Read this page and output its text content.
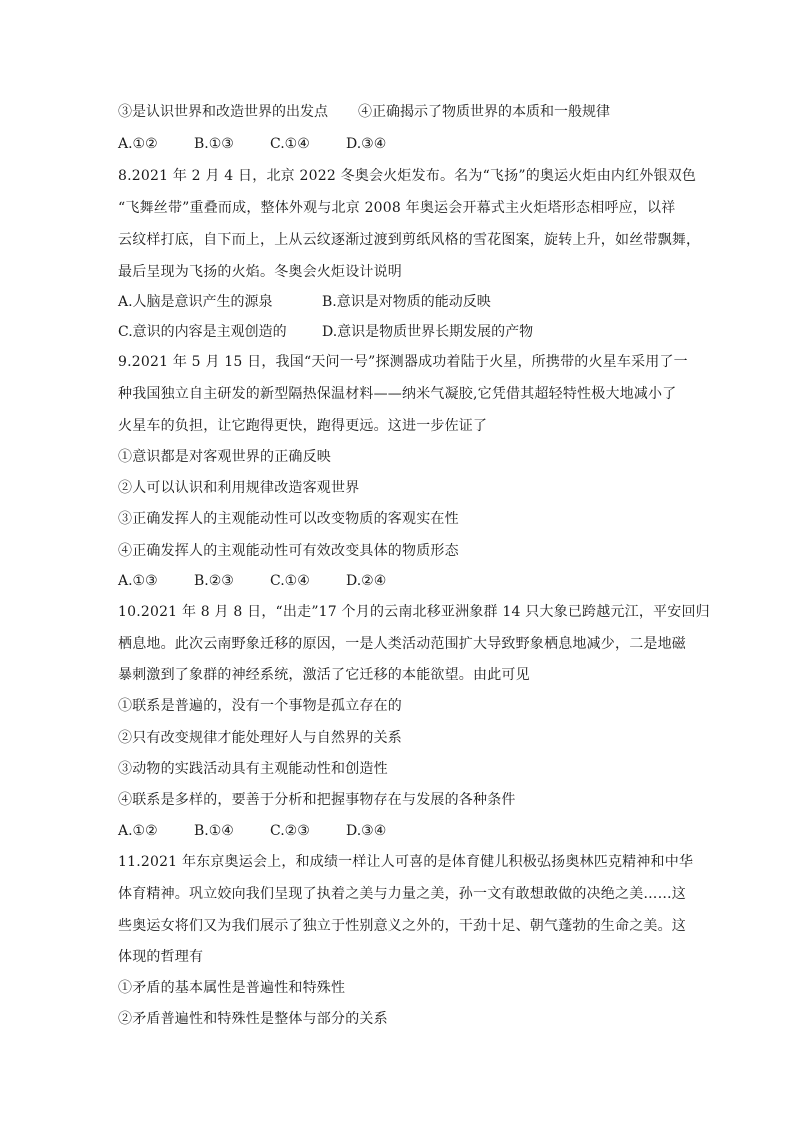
③是认识世界和改造世界的出发点 ④正确揭示了物质世界的本质和一般规律
A.①②	B.①③	C.①④	D.③④
8.2021 年 2 月 4 日，北京 2022 冬奥会火炬发布。名为“飞扬”的奥运火炬由内红外银双色
“飞舞丝带”重叠而成，整体外观与北京 2008 年奥运会开幕式主火炬塔形态相呼应，以祥
云纹样打底，自下而上，上从云纹逐渐过渡到剪纸风格的雪花图案，旋转上升，如丝带飘舞，
最后呈现为飞扬的火焰。冬奥会火炬设计说明
A.人脑是意识产生的源泉	B.意识是对物质的能动反映
C.意识的内容是主观创造的	D.意识是物质世界长期发展的产物
9.2021 年 5 月 15 日，我国“天问一号”探测器成功着陆于火星，所携带的火星车采用了一
种我国独立自主研发的新型隔热保温材料——纳米气凝胶,它凭借其超轻特性极大地减小了
火星车的负担，让它跑得更快，跑得更远。这进一步佐证了
①意识都是对客观世界的正确反映
②人可以认识和利用规律改造客观世界
③正确发挥人的主观能动性可以改变物质的客观实在性
④正确发挥人的主观能动性可有效改变具体的物质形态
A.①③	B.②③	C.①④	D.②④
10.2021 年 8 月 8 日，“出走”17 个月的云南北移亚洲象群 14 只大象已跨越元江，平安回归
栖息地。此次云南野象迁移的原因，一是人类活动范围扩大导致野象栖息地减少，二是地磁
暴刺激到了象群的神经系统，激活了它迁移的本能欲望。由此可见
①联系是普遍的，没有一个事物是孤立存在的
②只有改变规律才能处理好人与自然界的关系
③动物的实践活动具有主观能动性和创造性
④联系是多样的，要善于分析和把握事物存在与发展的各种条件
A.①②	B.①④	C.②③	D.③④
11.2021 年东京奥运会上，和成绩一样让人可喜的是体育健儿积极弘扬奥林匹克精神和中华
体育精神。巩立姣向我们呈现了执着之美与力量之美，孙一文有敢想敢做的决绝之美……这
些奥运女将们又为我们展示了独立于性别意义之外的，干劲十足、朝气蓬勃的生命之美。这
体现的哲理有
①矛盾的基本属性是普遍性和特殊性
②矛盾普遍性和特殊性是整体与部分的关系
